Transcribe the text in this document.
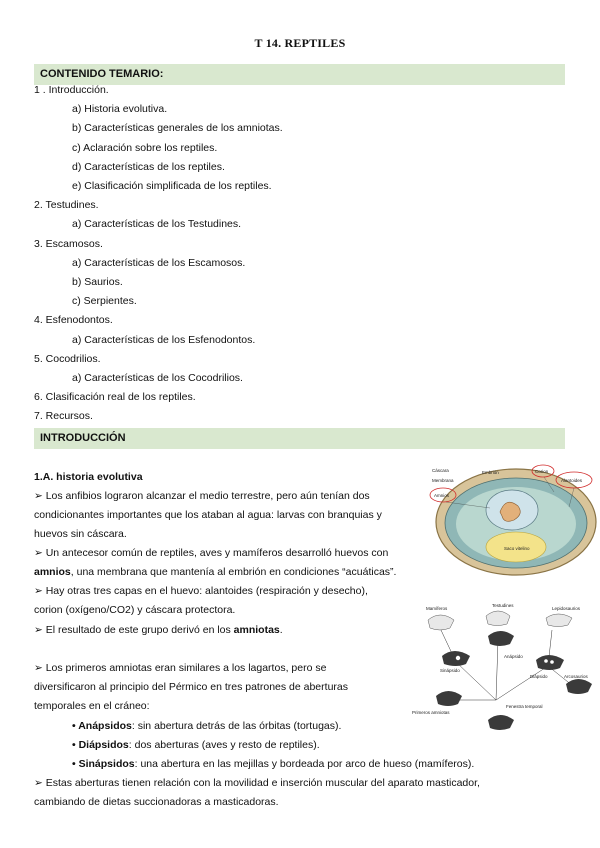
T 14. REPTILES
CONTENIDO TEMARIO:
1 . Introducción.
a) Historia evolutiva.
b) Características generales de los amniotas.
c) Aclaración sobre los reptiles.
d) Características de los reptiles.
e) Clasificación simplificada de los reptiles.
2. Testudines.
a) Características de los Testudines.
3. Escamosos.
a) Características de los Escamosos.
b) Saurios.
c) Serpientes.
4. Esfenodontos.
a) Características de los Esfenodontos.
5. Cocodrilios.
a) Características de los Cocodrilios.
6. Clasificación real de los reptiles.
7. Recursos.
INTRODUCCIÓN
1.A. historia evolutiva
➢ Los anfibios lograron alcanzar el medio terrestre, pero aún tenían dos
condicionantes importantes que los ataban al agua: larvas con branquias y
huevos sin cáscara.
➢ Un antecesor común de reptiles, aves y mamíferos desarrolló huevos con
amnios, una membrana que mantenía al embrión en condiciones “acuáticas”.
➢ Hay otras tres capas en el huevo: alantoides (respiración y desecho),
corion (oxígeno/CO2) y cáscara protectora.
➢ El resultado de este grupo derivó en los amniotas.
➢ Los primeros amniotas eran similares a los lagartos, pero se
diversificaron al principio del Pérmico en tres patrones de aberturas
temporales en el cráneo:
• Anápsidos: sin abertura detrás de las órbitas (tortugas).
• Diápsidos: dos aberturas (aves y resto de reptiles).
• Sinápsidos: una abertura en las mejillas y bordeada por arco de hueso (mamíferos).
➢ Estas aberturas tienen relación con la movilidad e inserción muscular del aparato masticador,
cambiando de dietas succionadoras a masticadoras.
Cáscara
Membrana
Embrión	Corion
Alantoides
Amnios
Saco vitelino
Mamíferos
Testudines
Lepidosaurios
Sinápsido
Anápsido
Diápsido	Arcosaurios
Primeros amniotas
Fenestra temporal
